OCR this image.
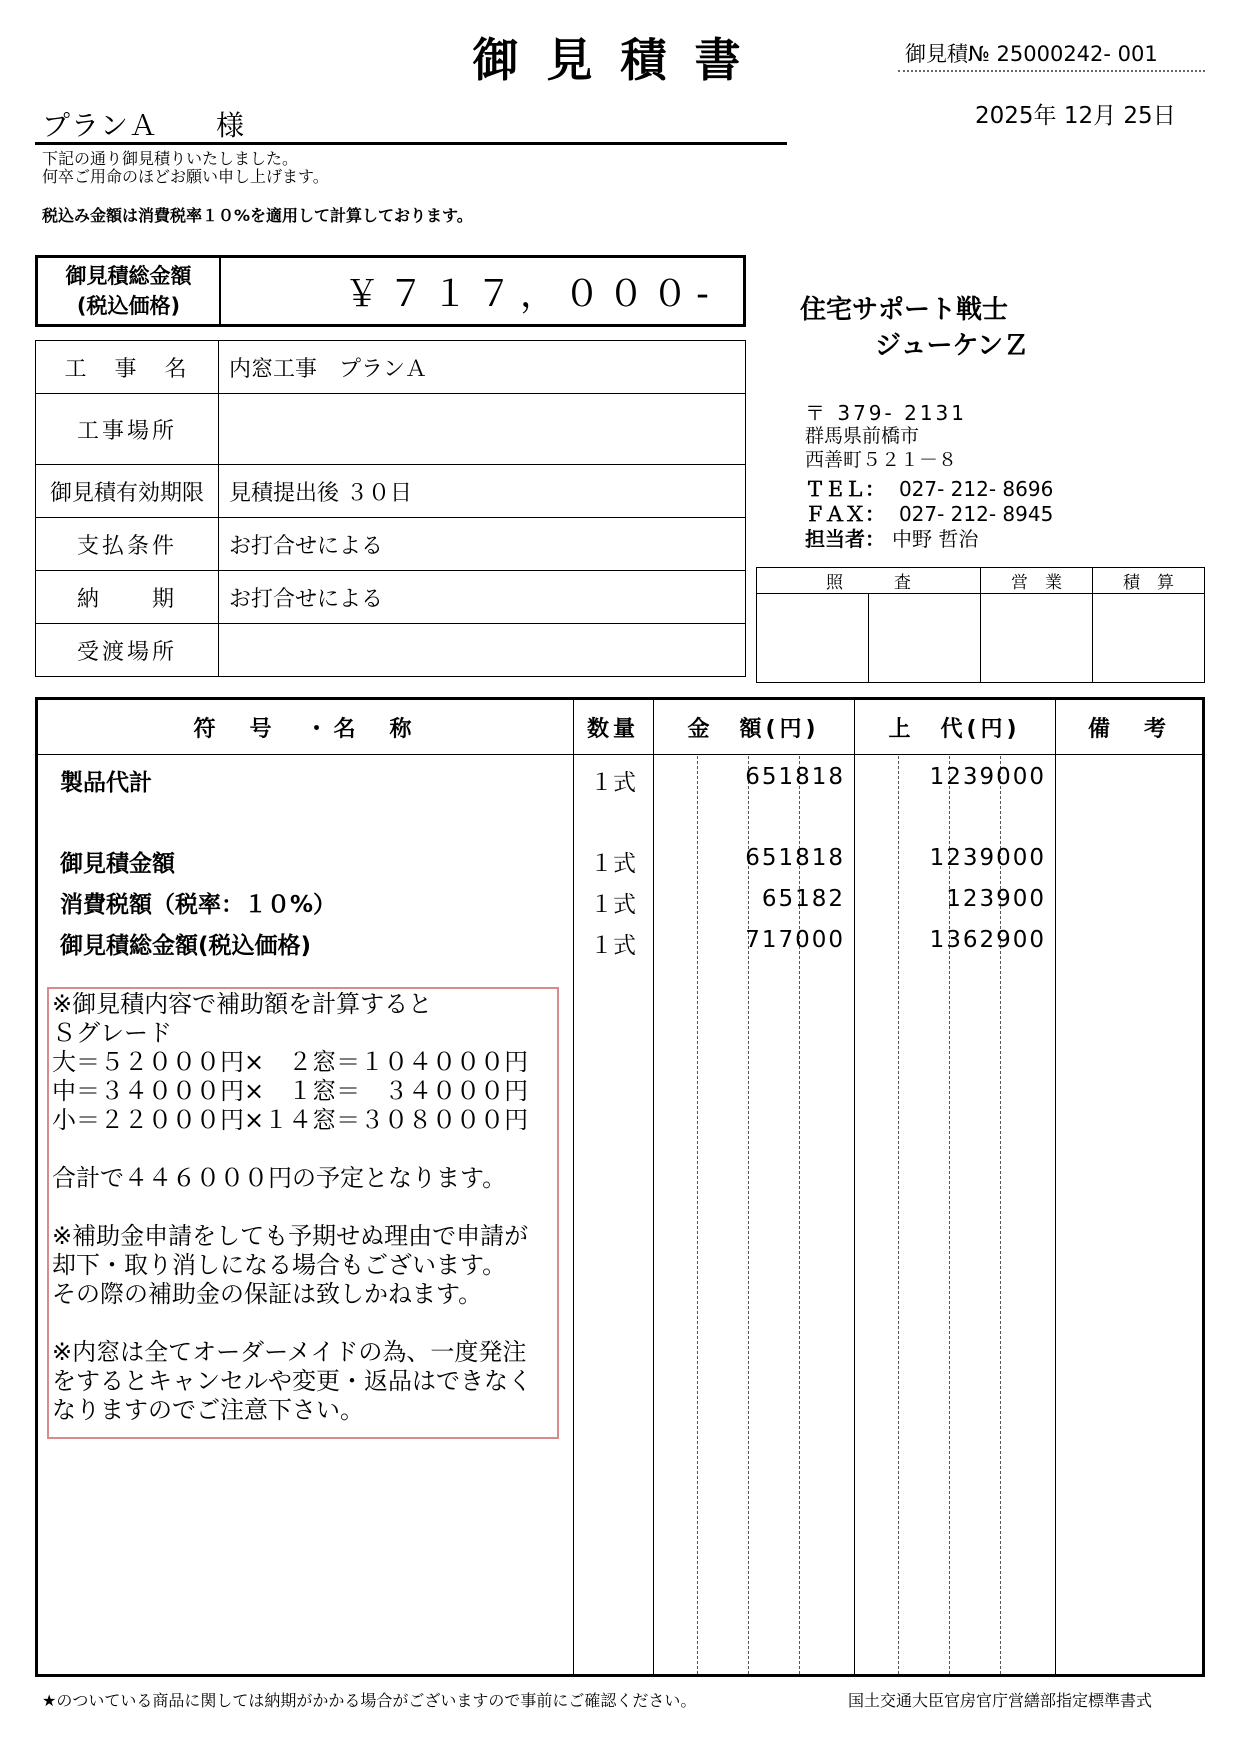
御見積書	御見積№ 25000242- 001
2025年 12月 25日
プランＡ　　様
下記の通り御見積りいたしました。
何卒ご用命のほどお願い申し上げます。
税込み金額は消費税率１０%を適用して計算しております。
御見積総金額
(税込価格)	￥７１７，０００-
工　事　名	内窓工事　プランＡ
工事場所	
御見積有効期限	見積提出後 ３０日
支払条件	お打合せによる
納　　期	お打合せによる
受渡場所	
住宅サポート戦士
ジューケンＺ
〒 379- 2131
群馬県前橋市
西善町５２１－８
ＴＥＬ： 027- 212- 8696
ＦＡＸ： 027- 212- 8945
担当者： 中野 哲治
照　　　査		営　業	積　算

符　号　・名　称	数量	金　額(円)	上　代(円)	備　考
製品代計	１式	651818	1239000
御見積金額	１式	651818	1239000
消費税額（税率：１０%）	１式	65182	123900
御見積総金額(税込価格)	１式	717000	1362900
※御見積内容で補助額を計算すると
Ｓグレード
大＝５２０００円×　２窓＝１０４０００円
中＝３４０００円×　１窓＝　３４０００円
小＝２２０００円×１４窓＝３０８０００円

合計で４４６０００円の予定となります。

※補助金申請をしても予期せぬ理由で申請が
却下・取り消しになる場合もございます。
その際の補助金の保証は致しかねます。

※内窓は全てオーダーメイドの為、一度発注
をするとキャンセルや変更・返品はできなく
なりますのでご注意下さい。
★のついている商品に関しては納期がかかる場合がございますので事前にご確認ください。	国土交通大臣官房官庁営繕部指定標準書式
